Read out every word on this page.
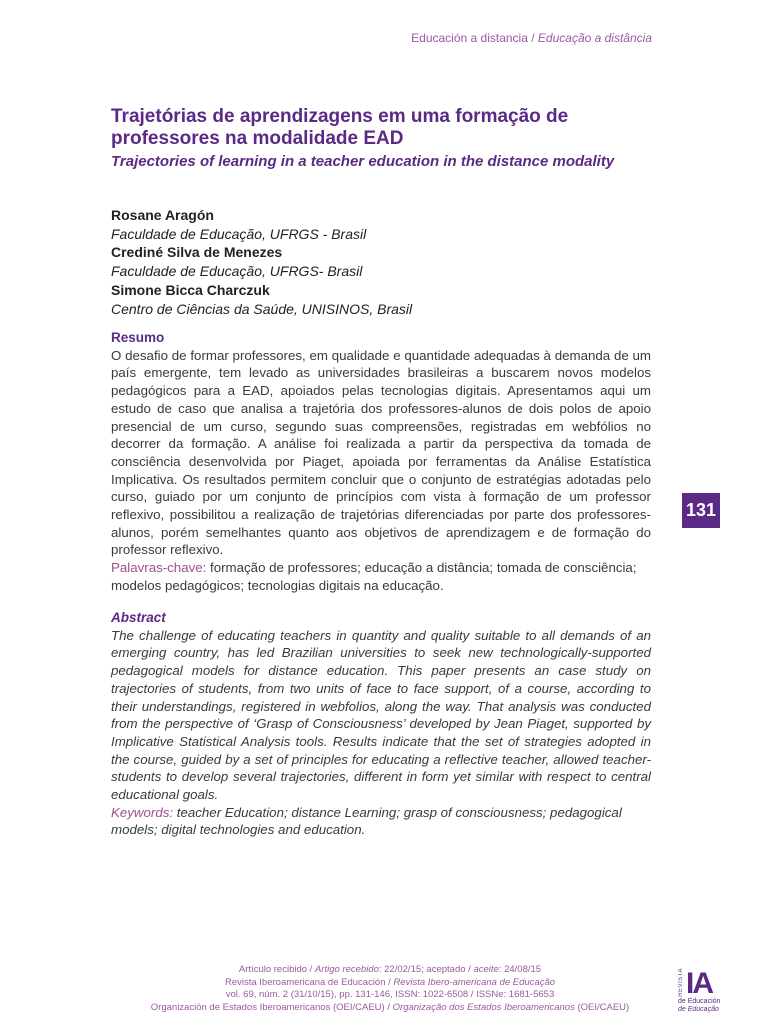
Educación a distancia / Educação a distância
Trajetórias de aprendizagens em uma formação de professores na modalidade EAD
Trajectories of learning in a teacher education in the distance modality
Rosane Aragón
Faculdade de Educação, UFRGS - Brasil
Crediné Silva de Menezes
Faculdade de Educação, UFRGS- Brasil
Simone Bicca Charczuk
Centro de Ciências da Saúde, UNISINOS, Brasil
Resumo
O desafio de formar professores, em qualidade e quantidade adequadas à demanda de um país emergente, tem levado as universidades brasileiras a buscarem novos modelos pedagógicos para a EAD, apoiados pelas tecnologias digitais. Apresentamos aqui um estudo de caso que analisa a trajetória dos professores-alunos de dois polos de apoio presencial de um curso, segundo suas compreensões, registradas em webfólios no decorrer da formação. A análise foi realizada a partir da perspectiva da tomada de consciência desenvolvida por Piaget, apoiada por ferramentas da Análise Estatística Implicativa. Os resultados permitem concluir que o conjunto de estratégias adotadas pelo curso, guiado por um conjunto de princípios com vista à formação de um professor reflexivo, possibilitou a realização de trajetórias diferenciadas por parte dos professores-alunos, porém semelhantes quanto aos objetivos de aprendizagem e de formação do professor reflexivo.
Palavras-chave: formação de professores; educação a distância; tomada de consciência; modelos pedagógicos; tecnologias digitais na educação.
Abstract
The challenge of educating teachers in quantity and quality suitable to all demands of an emerging country, has led Brazilian universities to seek new technologically-supported pedagogical models for distance education. This paper presents an case study on trajectories of students, from two units of face to face support, of a course, according to their understandings, registered in webfolios, along the way. That analysis was conducted from the perspective of ‘Grasp of Consciousness’ developed by Jean Piaget, supported by Implicative Statistical Analysis tools. Results indicate that the set of strategies adopted in the course, guided by a set of principles for educating a reflective teacher, allowed teacher-students to develop several trajectories, different in form yet similar with respect to central educational goals.
Keywords: teacher Education; distance Learning; grasp of consciousness; pedagogical models; digital technologies and education.
131
Artículo recibido / Artigo recebido: 22/02/15; aceptado / aceite: 24/08/15
Revista Iberoamericana de Educación / Revista Ibero-americana de Educação
vol. 69, núm. 2 (31/10/15), pp. 131-146, ISSN: 1022-6508 / ISSNe: 1681-5653
Organización de Estados Iberoamericanos (OEI/CAEU) / Organização dos Estados Iberoamericanos (OEI/CAEU)
REVISTA IA
de Educación
de Educação
